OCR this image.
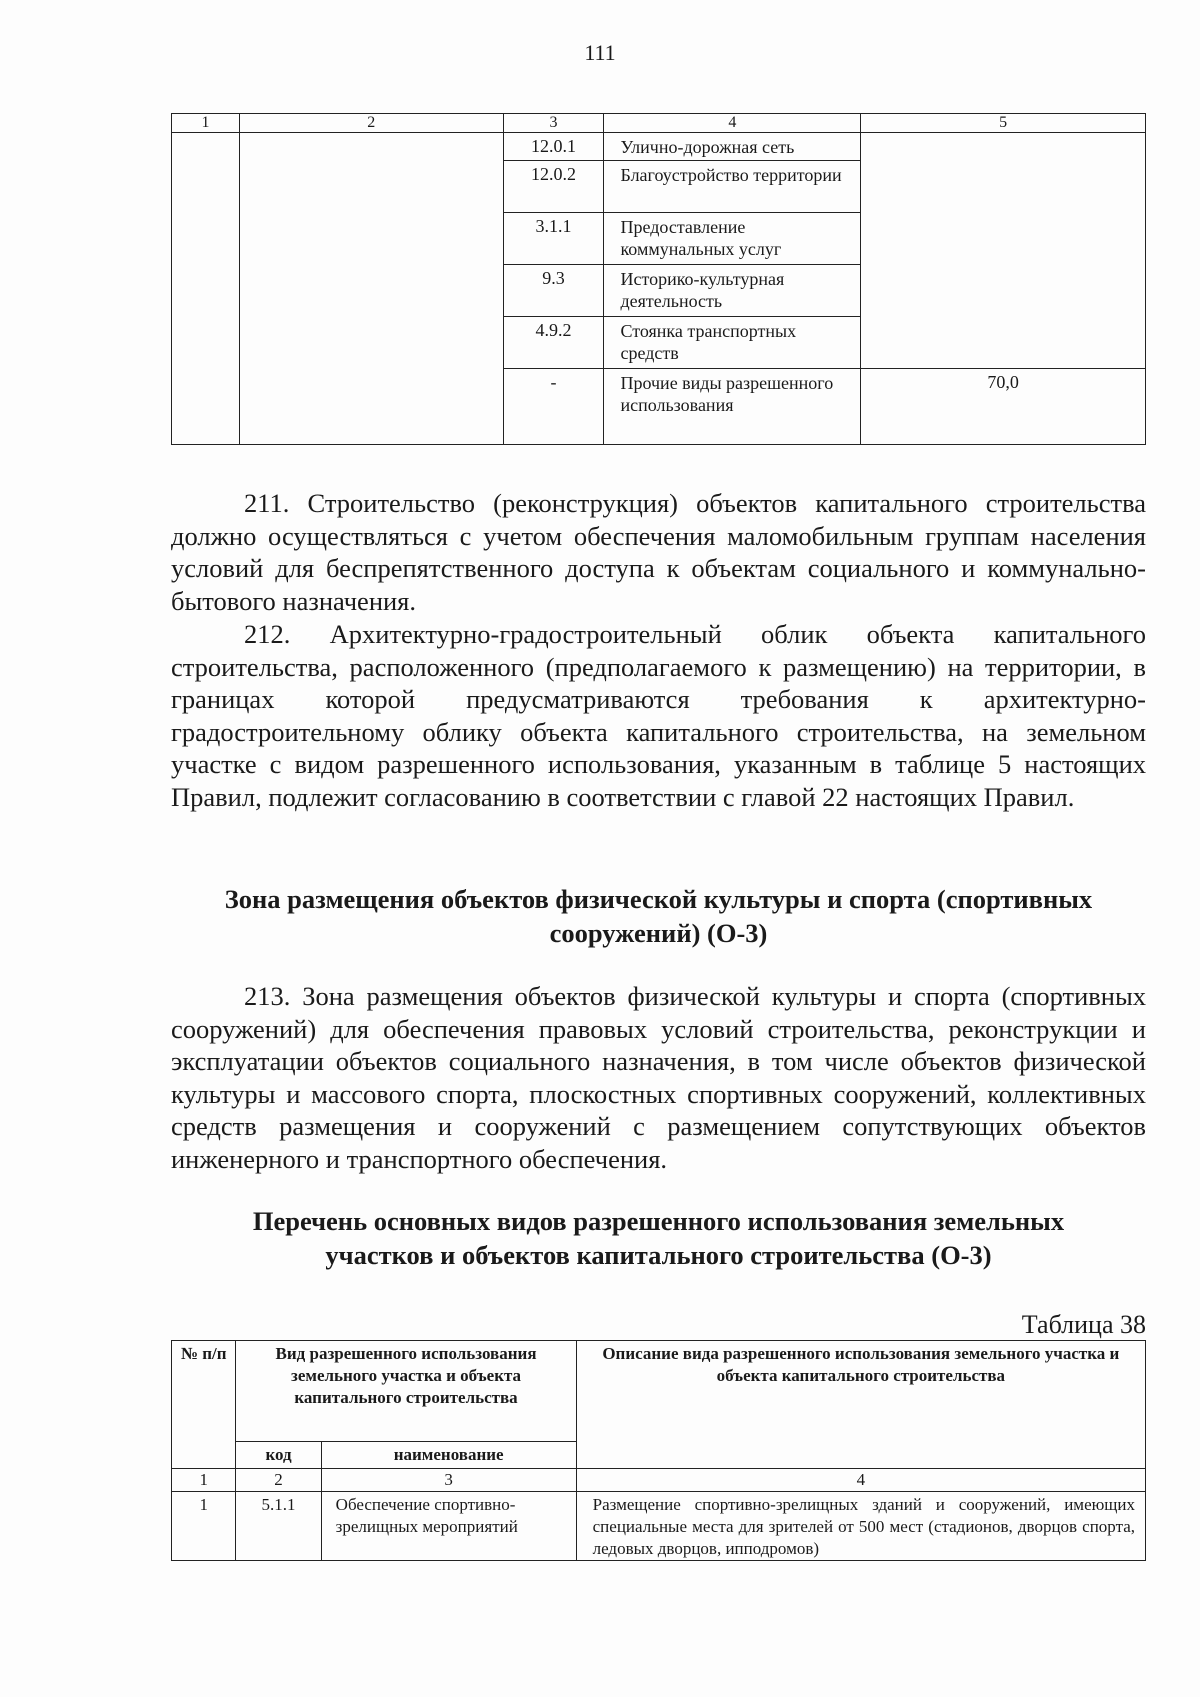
111
1	2	3	4	5
		12.0.1	Улично-дорожная сеть	
		12.0.2	Благоустройство территории	
		3.1.1	Предоставление коммунальных услуг	
		9.3	Историко-культурная деятельность	
		4.9.2	Стоянка транспортных средств	
		-	Прочие виды разрешенного использования	70,0
211. Строительство (реконструкция) объектов капитального строительства должно осуществляться с учетом обеспечения маломобильным группам населения условий для беспрепятственного доступа к объектам социального и коммунально-бытового назначения.
212. Архитектурно-градостроительный облик объекта капитального строительства, расположенного (предполагаемого к размещению) на территории, в границах которой предусматриваются требования к архитектурно-градостроительному облику объекта капитального строительства, на земельном участке с видом разрешенного использования, указанным в таблице 5 настоящих Правил, подлежит согласованию в соответствии с главой 22 настоящих Правил.
Зона размещения объектов физической культуры и спорта (спортивных сооружений) (О-3)
213. Зона размещения объектов физической культуры и спорта (спортивных сооружений) для обеспечения правовых условий строительства, реконструкции и эксплуатации объектов социального назначения, в том числе объектов физической культуры и массового спорта, плоскостных спортивных сооружений, коллективных средств размещения и сооружений с размещением сопутствующих объектов инженерного и транспортного обеспечения.
Перечень основных видов разрешенного использования земельных участков и объектов капитального строительства (О-3)
Таблица 38
№ п/п	Вид разрешенного использования земельного участка и объекта капитального строительства		Описание вида разрешенного использования земельного участка и объекта капитального строительства
	код	наименование	
1	2	3	4
1	5.1.1	Обеспечение спортивно-зрелищных мероприятий	Размещение спортивно-зрелищных зданий и сооружений, имеющих специальные места для зрителей от 500 мест (стадионов, дворцов спорта, ледовых дворцов, ипподромов)
